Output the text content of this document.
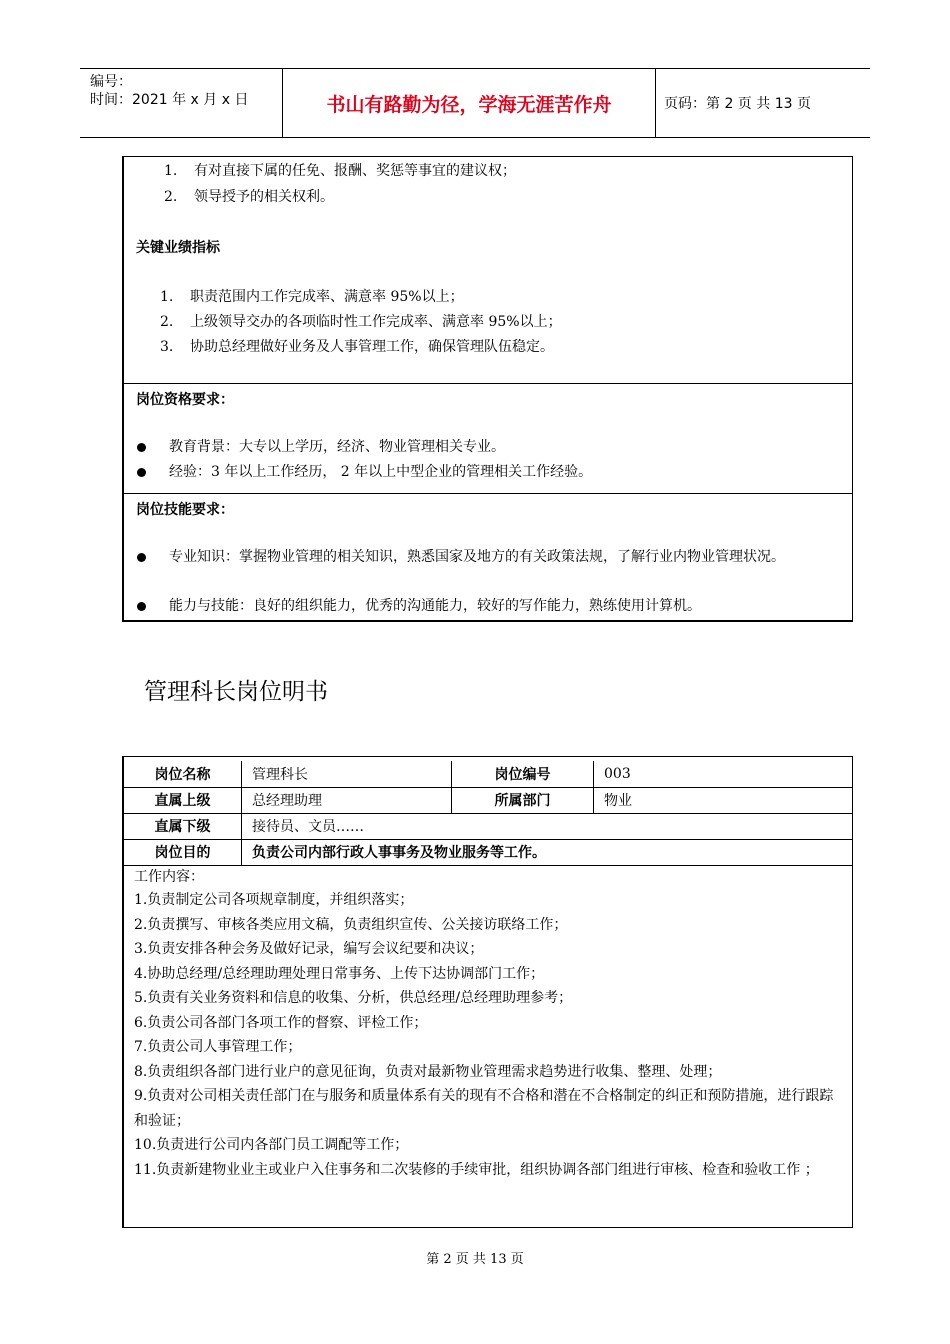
编号：
时间：2021 年 x 月 x 日	书山有路勤为径，学海无涯苦作舟	页码：第 2 页 共 13 页
1. 有对直接下属的任免、报酬、奖惩等事宜的建议权；
2. 领导授予的相关权利。
关键业绩指标
1. 职责范围内工作完成率、满意率 95%以上；
2. 上级领导交办的各项临时性工作完成率、满意率 95%以上；
3. 协助总经理做好业务及人事管理工作，确保管理队伍稳定。
岗位资格要求：
教育背景：大专以上学历，经济、物业管理相关专业。
经验：3 年以上工作经历， 2 年以上中型企业的管理相关工作经验。
岗位技能要求：
专业知识：掌握物业管理的相关知识，熟悉国家及地方的有关政策法规，了解行业内物业管理状况。
能力与技能：良好的组织能力，优秀的沟通能力，较好的写作能力，熟练使用计算机。
管理科长岗位明书
岗位名称	管理科长	岗位编号	003
直属上级	总经理助理	所属部门	物业
直属下级	接待员、文员……
岗位目的	负责公司内部行政人事事务及物业服务等工作。
工作内容：
1.负责制定公司各项规章制度，并组织落实；
2.负责撰写、审核各类应用文稿，负责组织宣传、公关接访联络工作；
3.负责安排各种会务及做好记录，编写会议纪要和决议；
4.协助总经理/总经理助理处理日常事务、上传下达协调部门工作；
5.负责有关业务资料和信息的收集、分析，供总经理/总经理助理参考；
6.负责公司各部门各项工作的督察、评检工作；
7.负责公司人事管理工作；
8.负责组织各部门进行业户的意见征询，负责对最新物业管理需求趋势进行收集、整理、处理；
9.负责对公司相关责任部门在与服务和质量体系有关的现有不合格和潜在不合格制定的纠正和预防措施，进行跟踪和验证；
10.负责进行公司内各部门员工调配等工作；
11.负责新建物业业主或业户入住事务和二次装修的手续审批，组织协调各部门组进行审核、检查和验收工作 ；
第 2 页 共 13 页
